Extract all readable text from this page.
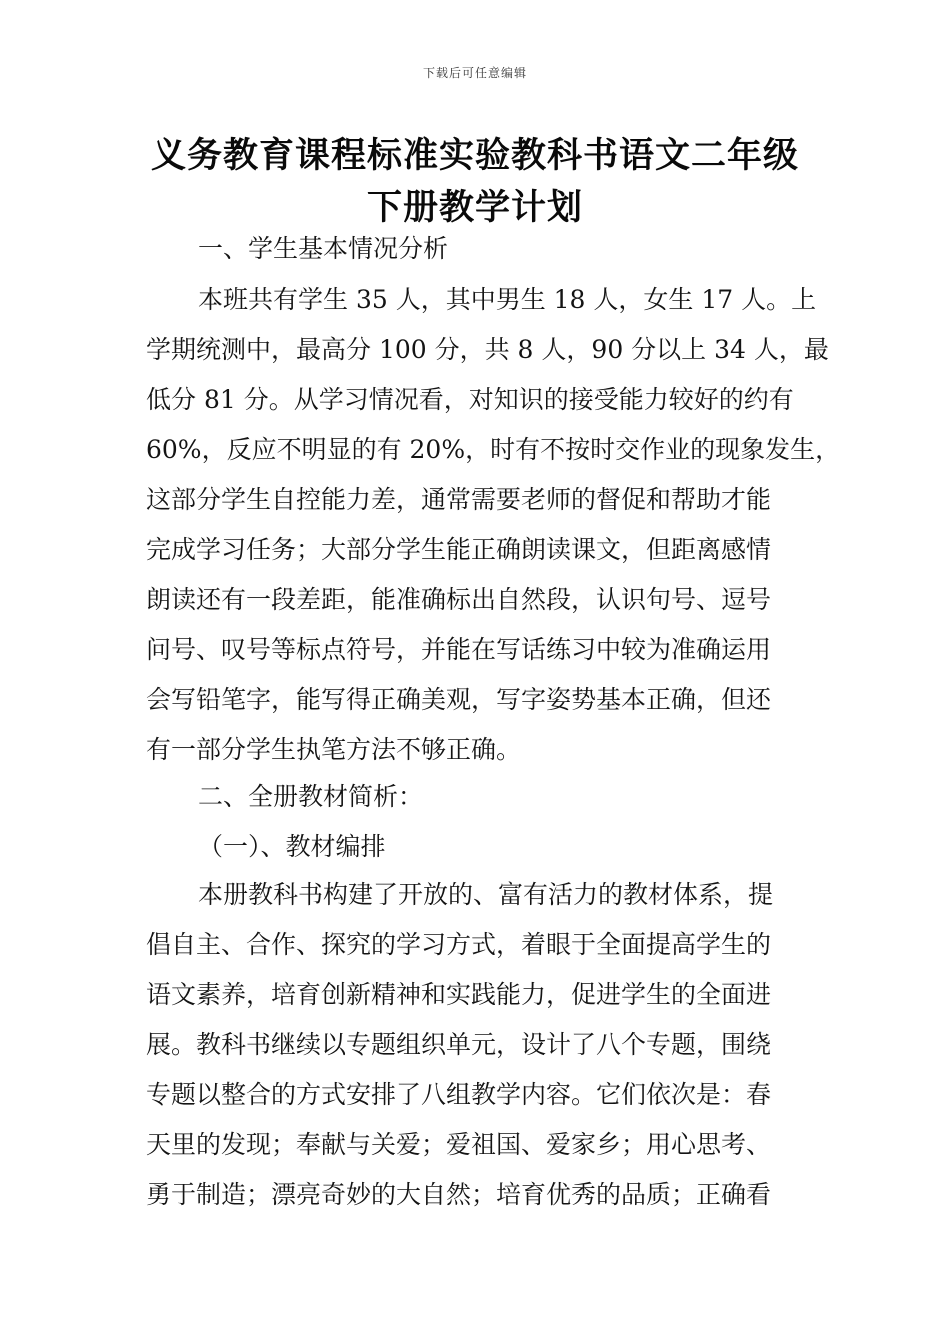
下载后可任意编辑
义务教育课程标准实验教科书语文二年级
下册教学计划
一、学生基本情况分析
本班共有学生 35 人，其中男生 18 人，女生 17 人。上
学期统测中，最高分 100 分，共 8 人，90 分以上 34 人，最
低分 81 分。从学习情况看，对知识的接受能力较好的约有
60%，反应不明显的有 20%，时有不按时交作业的现象发生，
这部分学生自控能力差，通常需要老师的督促和帮助才能
完成学习任务；大部分学生能正确朗读课文，但距离感情
朗读还有一段差距，能准确标出自然段，认识句号、逗号
问号、叹号等标点符号，并能在写话练习中较为准确运用
会写铅笔字，能写得正确美观，写字姿势基本正确，但还
有一部分学生执笔方法不够正确。
二、全册教材简析：
（一）、教材编排
本册教科书构建了开放的、富有活力的教材体系，提
倡自主、合作、探究的学习方式，着眼于全面提高学生的
语文素养，培育创新精神和实践能力，促进学生的全面进
展。教科书继续以专题组织单元，设计了八个专题，围绕
专题以整合的方式安排了八组教学内容。它们依次是：春
天里的发现；奉献与关爱；爱祖国、爱家乡；用心思考、
勇于制造；漂亮奇妙的大自然；培育优秀的品质；正确看
